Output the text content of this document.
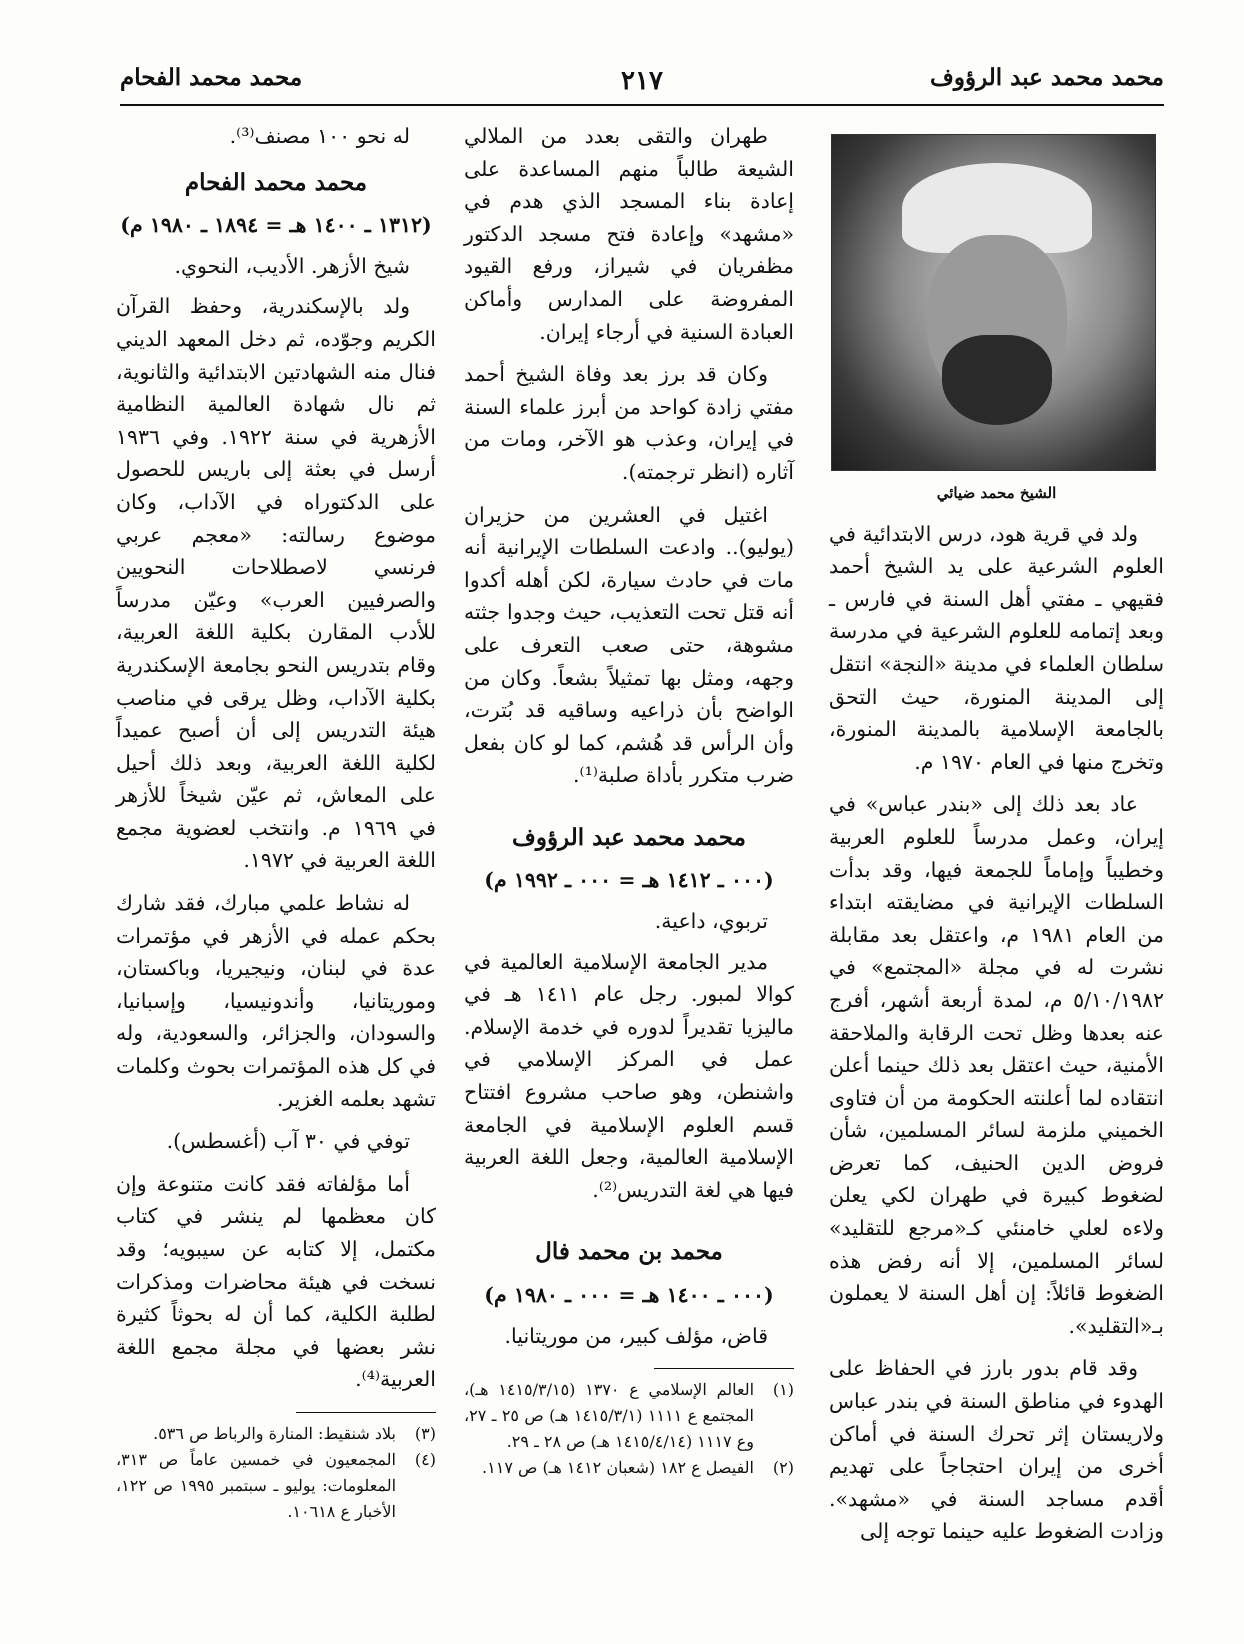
محمد محمد عبد الرؤوف
٢١٧
محمد محمد الفحام
الشيخ محمد ضيائي

ولد في قرية هود، درس الابتدائية في العلوم الشرعية على يد الشيخ أحمد فقيهي ـ مفتي أهل السنة في فارس ـ وبعد إتمامه للعلوم الشرعية في مدرسة سلطان العلماء في مدينة «النجة» انتقل إلى المدينة المنورة، حيث التحق بالجامعة الإسلامية بالمدينة المنورة، وتخرج منها في العام ١٩٧٠ م.

عاد بعد ذلك إلى «بندر عباس» في إيران، وعمل مدرساً للعلوم العربية وخطيباً وإماماً للجمعة فيها، وقد بدأت السلطات الإيرانية في مضايقته ابتداء من العام ١٩٨١ م، واعتقل بعد مقابلة نشرت له في مجلة «المجتمع» في ٥/١٠/١٩٨٢ م، لمدة أربعة أشهر، أفرج عنه بعدها وظل تحت الرقابة والملاحقة الأمنية، حيث اعتقل بعد ذلك حينما أعلن انتقاده لما أعلنته الحكومة من أن فتاوى الخميني ملزمة لسائر المسلمين، شأن فروض الدين الحنيف، كما تعرض لضغوط كبيرة في طهران لكي يعلن ولاءه لعلي خامنئي كـ«مرجع للتقليد» لسائر المسلمين، إلا أنه رفض هذه الضغوط قائلاً: إن أهل السنة لا يعملون بـ«التقليد».

وقد قام بدور بارز في الحفاظ على الهدوء في مناطق السنة في بندر عباس ولاريستان إثر تحرك السنة في أماكن أخرى من إيران احتجاجاً على تهديم أقدم مساجد السنة في «مشهد». وزادت الضغوط عليه حينما توجه إلى

طهران والتقى بعدد من الملالي الشيعة طالباً منهم المساعدة على إعادة بناء المسجد الذي هدم في «مشهد» وإعادة فتح مسجد الدكتور مظفريان في شيراز، ورفع القيود المفروضة على المدارس وأماكن العبادة السنية في أرجاء إيران.

وكان قد برز بعد وفاة الشيخ أحمد مفتي زادة كواحد من أبرز علماء السنة في إيران، وعذب هو الآخر، ومات من آثاره (انظر ترجمته).

اغتيل في العشرين من حزيران (يوليو).. وادعت السلطات الإيرانية أنه مات في حادث سيارة، لكن أهله أكدوا أنه قتل تحت التعذيب، حيث وجدوا جثته مشوهة، حتى صعب التعرف على وجهه، ومثل بها تمثيلاً بشعاً. وكان من الواضح بأن ذراعيه وساقيه قد بُترت، وأن الرأس قد هُشم، كما لو كان بفعل ضرب متكرر بأداة صلبة⁽¹⁾.

محمد محمد عبد الرؤوف
(٠٠٠ ـ ١٤١٢ هـ = ٠٠٠ ـ ١٩٩٢ م)
تربوي، داعية.

مدير الجامعة الإسلامية العالمية في كوالا لمبور. رجل عام ١٤١١ هـ في ماليزيا تقديراً لدوره في خدمة الإسلام. عمل في المركز الإسلامي في واشنطن، وهو صاحب مشروع افتتاح قسم العلوم الإسلامية في الجامعة الإسلامية العالمية، وجعل اللغة العربية فيها هي لغة التدريس⁽²⁾.

محمد بن محمد فال
(٠٠٠ ـ ١٤٠٠ هـ = ٠٠٠ ـ ١٩٨٠ م)
قاض، مؤلف كبير، من موريتانيا.
(١)
العالم الإسلامي ع ١٣٧٠ (١٤١٥/٣/١٥ هـ)، المجتمع ع ١١١١ (١٤١٥/٣/١ هـ) ص ٢٥ ـ ٢٧، وع ١١١٧ (١٤١٥/٤/١٤ هـ) ص ٢٨ ـ ٢٩.
(٢)
الفيصل ع ١٨٢ (شعبان ١٤١٢ هـ) ص ١١٧.

له نحو ١٠٠ مصنف⁽³⁾.

محمد محمد الفحام
(١٣١٢ ـ ١٤٠٠ هـ = ١٨٩٤ ـ ١٩٨٠ م)
شيخ الأزهر. الأديب، النحوي.

ولد بالإسكندرية، وحفظ القرآن الكريم وجوّده، ثم دخل المعهد الديني فنال منه الشهادتين الابتدائية والثانوية، ثم نال شهادة العالمية النظامية الأزهرية في سنة ١٩٢٢. وفي ١٩٣٦ أرسل في بعثة إلى باريس للحصول على الدكتوراه في الآداب، وكان موضوع رسالته: «معجم عربي فرنسي لاصطلاحات النحويين والصرفيين العرب» وعيّن مدرساً للأدب المقارن بكلية اللغة العربية، وقام بتدريس النحو بجامعة الإسكندرية بكلية الآداب، وظل يرقى في مناصب هيئة التدريس إلى أن أصبح عميداً لكلية اللغة العربية، وبعد ذلك أحيل على المعاش، ثم عيّن شيخاً للأزهر في ١٩٦٩ م. وانتخب لعضوية مجمع اللغة العربية في ١٩٧٢.

له نشاط علمي مبارك، فقد شارك بحكم عمله في الأزهر في مؤتمرات عدة في لبنان، ونيجيريا، وباكستان، وموريتانيا، وأندونيسيا، وإسبانيا، والسودان، والجزائر، والسعودية، وله في كل هذه المؤتمرات بحوث وكلمات تشهد بعلمه الغزير.

توفي في ٣٠ آب (أغسطس).

أما مؤلفاته فقد كانت متنوعة وإن كان معظمها لم ينشر في كتاب مكتمل، إلا كتابه عن سيبويه؛ وقد نسخت في هيئة محاضرات ومذكرات لطلبة الكلية، كما أن له بحوثاً كثيرة نشر بعضها في مجلة مجمع اللغة العربية⁽⁴⁾.

(٣)
بلاد شنقيط: المنارة والرباط ص ٥٣٦.
(٤)
المجمعيون في خمسين عاماً ص ٣١٣، المعلومات: يوليو ـ سبتمبر ١٩٩٥ ص ١٢٢، الأخبار ع ١٠٦١٨.
